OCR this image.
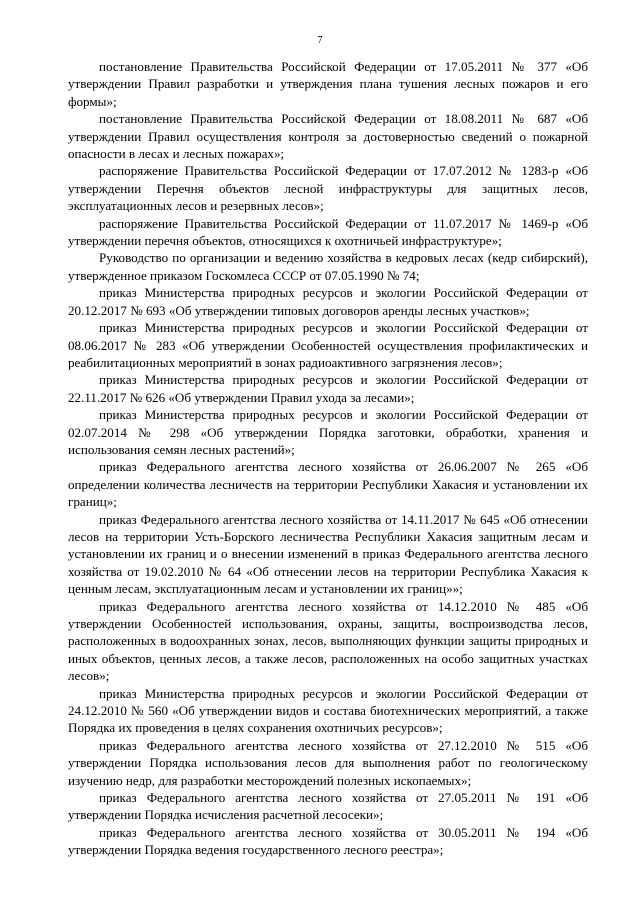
7

постановление Правительства Российской Федерации от 17.05.2011 № 377 «Об утверждении Правил разработки и утверждения плана тушения лесных пожаров и его формы»;

постановление Правительства Российской Федерации от 18.08.2011 № 687 «Об утверждении Правил осуществления контроля за достоверностью сведений о пожарной опасности в лесах и лесных пожарах»;

распоряжение Правительства Российской Федерации от 17.07.2012 № 1283-р «Об утверждении Перечня объектов лесной инфраструктуры для защитных лесов, эксплуатационных лесов и резервных лесов»;

распоряжение Правительства Российской Федерации от 11.07.2017 № 1469-р «Об утверждении перечня объектов, относящихся к охотничьей инфраструктуре»;

Руководство по организации и ведению хозяйства в кедровых лесах (кедр сибирский), утвержденное приказом Госкомлеса СССР от 07.05.1990 № 74;

приказ Министерства природных ресурсов и экологии Российской Федерации от 20.12.2017 № 693 «Об утверждении типовых договоров аренды лесных участков»;

приказ Министерства природных ресурсов и экологии Российской Федерации от 08.06.2017 № 283 «Об утверждении Особенностей осуществления профилактических и реабилитационных мероприятий в зонах радиоактивного загрязнения лесов»;

приказ Министерства природных ресурсов и экологии Российской Федерации от 22.11.2017 № 626 «Об утверждении Правил ухода за лесами»;

приказ Министерства природных ресурсов и экологии Российской Федерации от 02.07.2014 № 298 «Об утверждении Порядка заготовки, обработки, хранения и использования семян лесных растений»;

приказ Федерального агентства лесного хозяйства от 26.06.2007 № 265 «Об определении количества лесничеств на территории Республики Хакасия и установлении их границ»;

приказ Федерального агентства лесного хозяйства от 14.11.2017 № 645 «Об отнесении лесов на территории Усть-Борского лесничества Республики Хакасия защитным лесам и установлении их границ и о внесении изменений в приказ Федерального агентства лесного хозяйства от 19.02.2010 № 64 «Об отнесении лесов на территории Республика Хакасия к ценным лесам, эксплуатационным лесам и установлении их границ»»;

приказ Федерального агентства лесного хозяйства от 14.12.2010 № 485 «Об утверждении Особенностей использования, охраны, защиты, воспроизводства лесов, расположенных в водоохранных зонах, лесов, выполняющих функции защиты природных и иных объектов, ценных лесов, а также лесов, расположенных на особо защитных участках лесов»;

приказ Министерства природных ресурсов и экологии Российской Федерации от 24.12.2010 № 560 «Об утверждении видов и состава биотехнических мероприятий, а также Порядка их проведения в целях сохранения охотничьих ресурсов»;

приказ Федерального агентства лесного хозяйства от 27.12.2010 № 515 «Об утверждении Порядка использования лесов для выполнения работ по геологическому изучению недр, для разработки месторождений полезных ископаемых»;

приказ Федерального агентства лесного хозяйства от 27.05.2011 № 191 «Об утверждении Порядка исчисления расчетной лесосеки»;

приказ Федерального агентства лесного хозяйства от 30.05.2011 № 194 «Об утверждении Порядка ведения государственного лесного реестра»;
